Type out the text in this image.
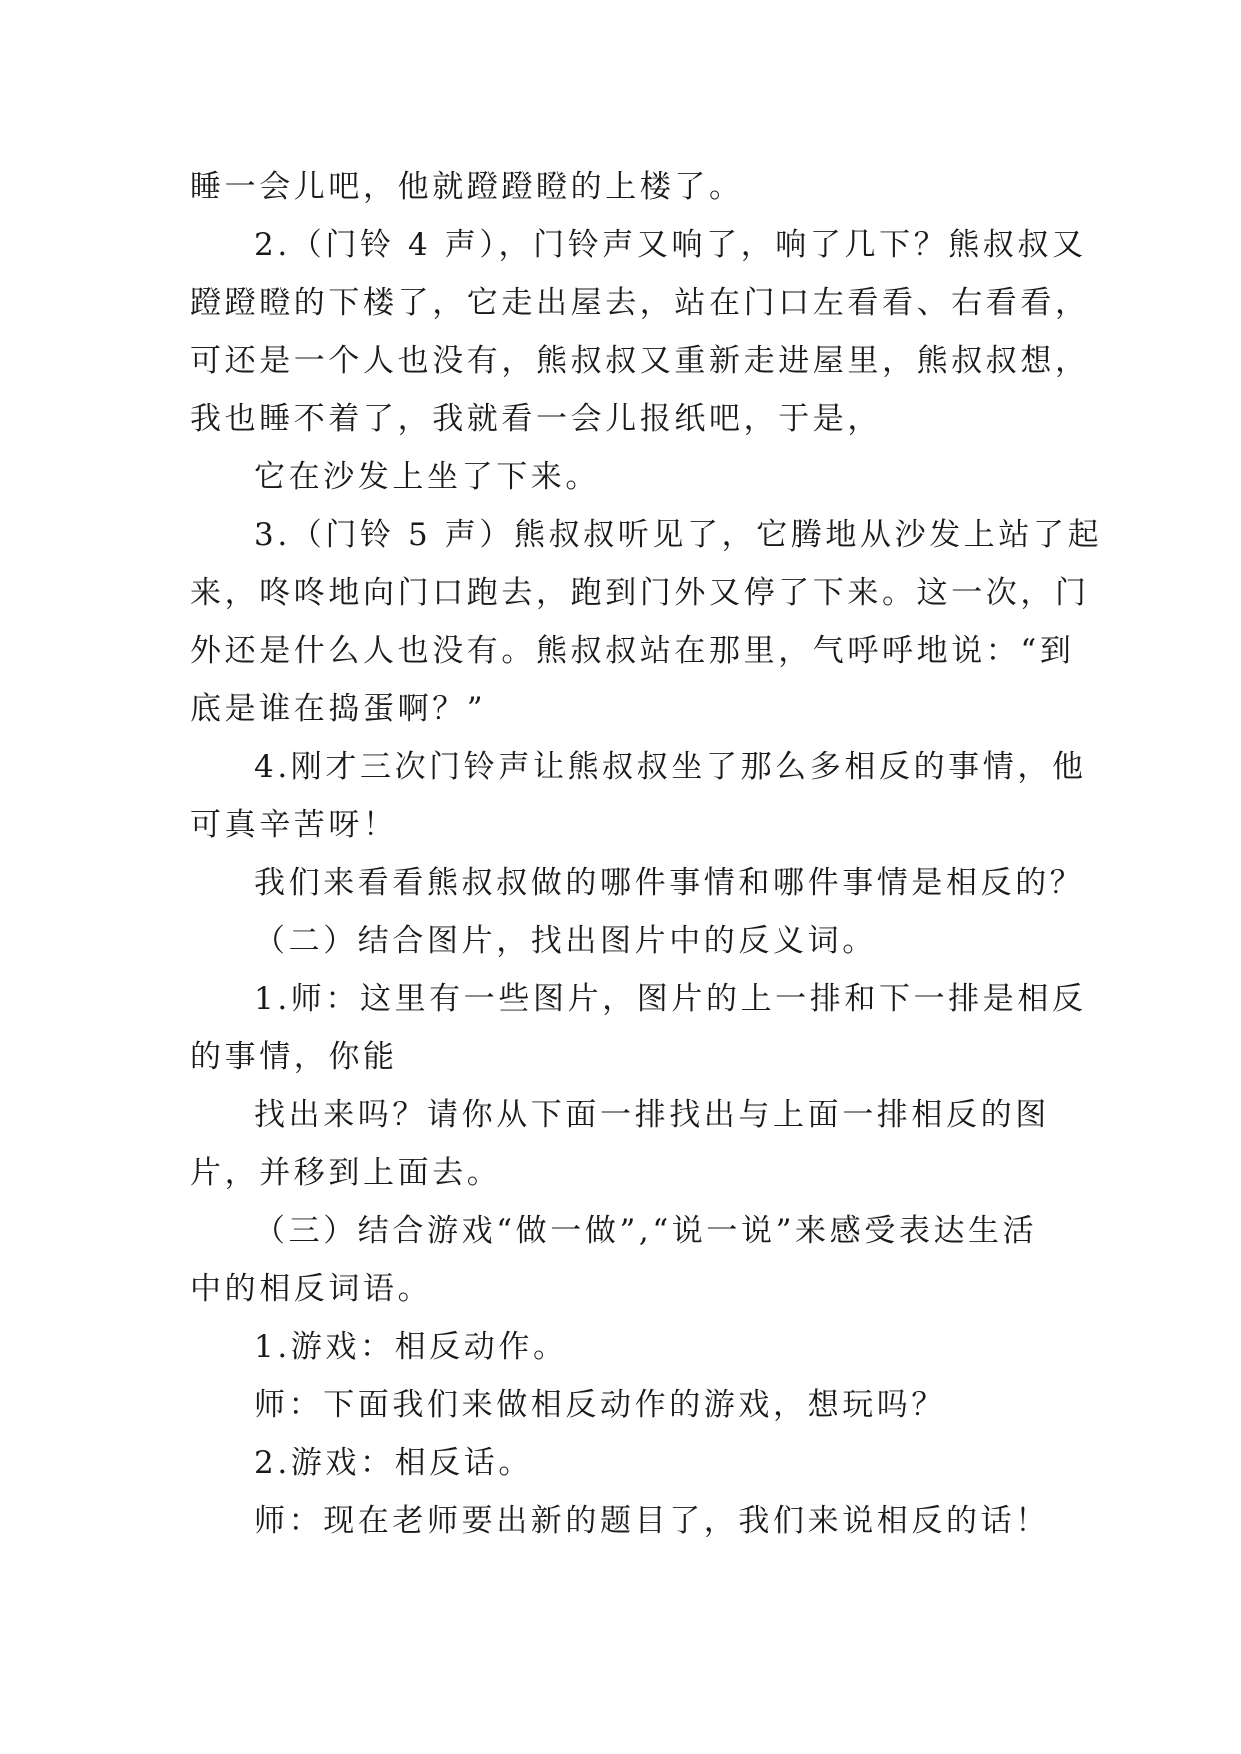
睡一会儿吧，他就蹬蹬瞪的上楼了。
2.（门铃 4 声），门铃声又响了，响了几下？熊叔叔又
蹬蹬瞪的下楼了，它走出屋去，站在门口左看看、右看看，
可还是一个人也没有，熊叔叔又重新走进屋里，熊叔叔想，
我也睡不着了，我就看一会儿报纸吧，于是，
它在沙发上坐了下来。
3.（门铃 5 声）熊叔叔听见了，它腾地从沙发上站了起
来，咚咚地向门口跑去，跑到门外又停了下来。这一次，门
外还是什么人也没有。熊叔叔站在那里，气呼呼地说：“到
底是谁在捣蛋啊？”
4.刚才三次门铃声让熊叔叔坐了那么多相反的事情，他
可真辛苦呀！
我们来看看熊叔叔做的哪件事情和哪件事情是相反的？
（二）结合图片，找出图片中的反义词。
1.师：这里有一些图片，图片的上一排和下一排是相反
的事情，你能
找出来吗？请你从下面一排找出与上面一排相反的图
片，并移到上面去。
（三）结合游戏“做一做”,“说一说”来感受表达生活
中的相反词语。
1.游戏：相反动作。
师：下面我们来做相反动作的游戏，想玩吗？
2.游戏：相反话。
师：现在老师要出新的题目了，我们来说相反的话！
